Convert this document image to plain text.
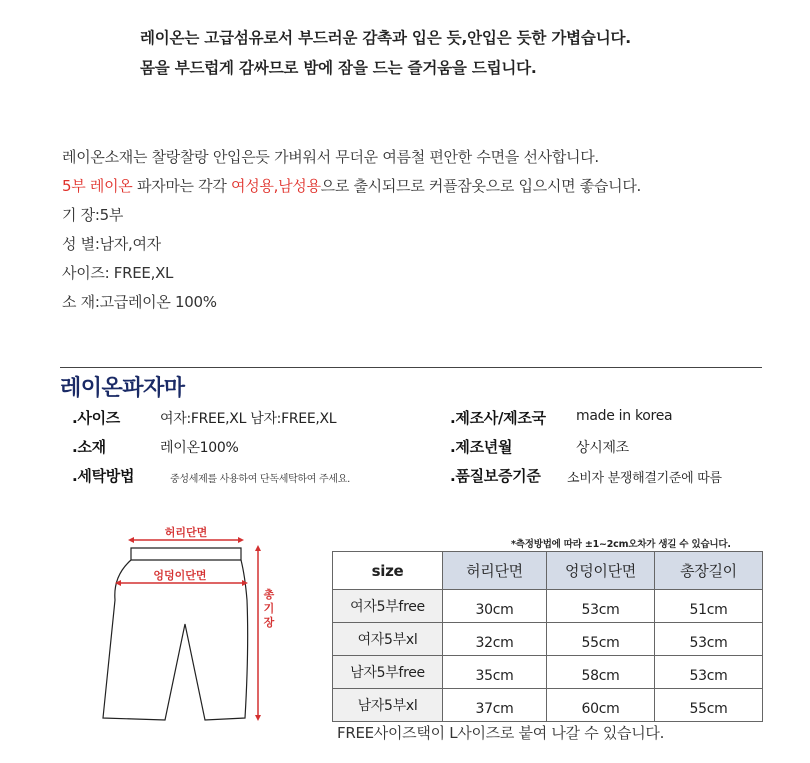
레이온는 고급섬유로서 부드러운 감촉과 입은 듯,안입은 듯한 가볍습니다.
몸을 부드럽게 감싸므로 밤에 잠을 드는 즐거움을 드립니다.
레이온소재는 찰랑찰랑 안입은듯 가벼워서 무더운 여름철 편안한 수면을 선사합니다.
5부 레이온 파자마는 각각 여성용,남성용으로 출시되므로 커플잠옷으로 입으시면 좋습니다.
기 장:5부
성 별:남자,여자
사이즈: FREE,XL
소 재:고급레이온 100%
레이온파자마
.사이즈	여자:FREE,XL 남자:FREE,XL	.제조사/제조국 made in korea
.소재	레이온100%	.제조년월	상시제조
.세탁방법	중성세제를 사용하여 단독세탁하여 주세요.	.품질보증기준 소비자 분쟁해결기준에 따름
허리단면
엉덩이단면
총기장
*측정방법에 따라 ±1~2cm오차가 생길 수 있습니다.
size	허리단면	엉덩이단면	총장길이
여자5부free	30cm	53cm	51cm
여자5부xl	32cm	55cm	53cm
남자5부free	35cm	58cm	53cm
남자5부xl	37cm	60cm	55cm
FREE사이즈택이 L사이즈로 붙여 나갈 수 있습니다.
